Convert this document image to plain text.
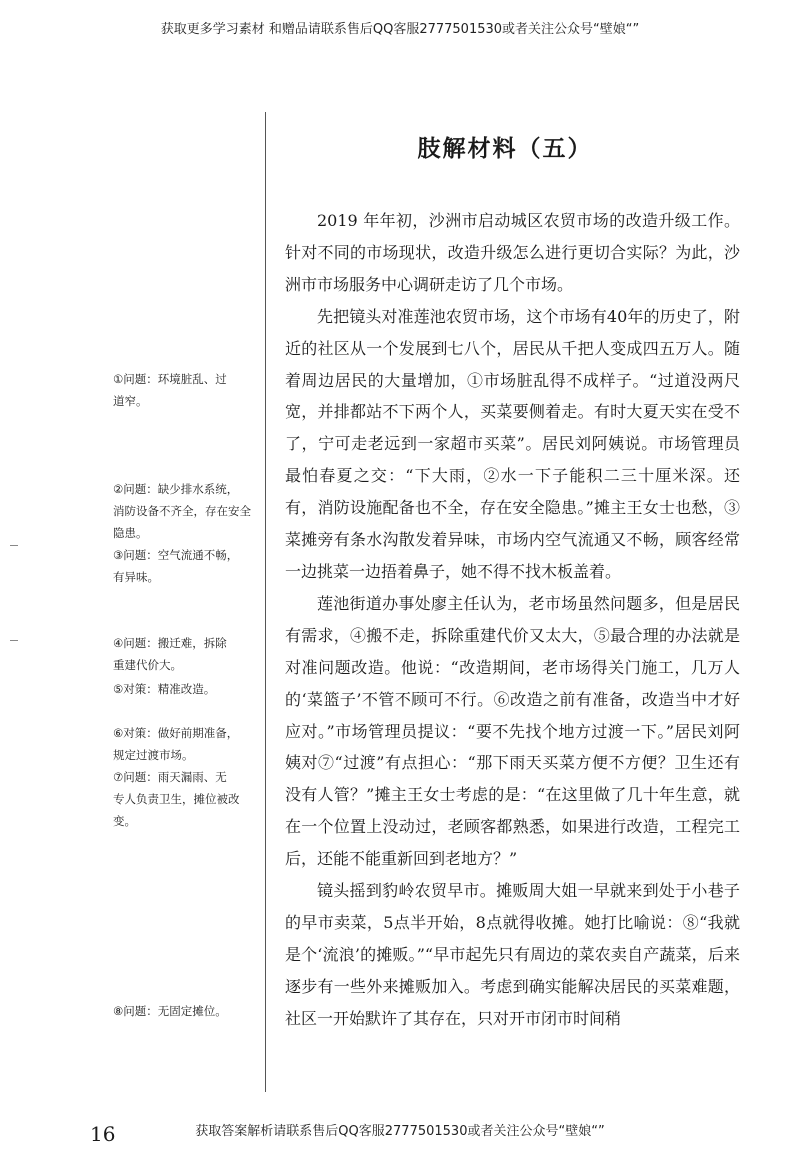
获取更多学习素材 和赠品请联系售后QQ客服2777501530或者关注公众号“壁娘“”
肢解材料（五）

2019 年年初，沙洲市启动城区农贸市场的改造升级工作。针对不同的市场现状，改造升级怎么进行更切合实际？为此，沙洲市市场服务中心调研走访了几个市场。

先把镜头对准莲池农贸市场，这个市场有40年的历史了，附近的社区从一个发展到七八个，居民从千把人变成四五万人。随着周边居民的大量增加，①市场脏乱得不成样子。“过道没两尺宽，并排都站不下两个人，买菜要侧着走。有时大夏天实在受不了，宁可走老远到一家超市买菜”。居民刘阿姨说。市场管理员最怕春夏之交：“下大雨，②水一下子能积二三十厘米深。还有，消防设施配备也不全，存在安全隐患。”摊主王女士也愁，③菜摊旁有条水沟散发着异味，市场内空气流通又不畅，顾客经常一边挑菜一边捂着鼻子，她不得不找木板盖着。

莲池街道办事处廖主任认为，老市场虽然问题多，但是居民有需求，④搬不走，拆除重建代价又太大，⑤最合理的办法就是对准问题改造。他说：“改造期间，老市场得关门施工，几万人的‘菜篮子’不管不顾可不行。⑥改造之前有准备，改造当中才好应对。”市场管理员提议：“要不先找个地方过渡一下。”居民刘阿姨对⑦“过渡”有点担心：“那下雨天买菜方便不方便？卫生还有没有人管？”摊主王女士考虑的是：“在这里做了几十年生意，就在一个位置上没动过，老顾客都熟悉，如果进行改造，工程完工后，还能不能重新回到老地方？”

镜头摇到豹岭农贸早市。摊贩周大姐一早就来到处于小巷子的早市卖菜，5点半开始，8点就得收摊。她打比喻说：⑧“我就是个‘流浪’的摊贩。”“早市起先只有周边的菜农卖自产蔬菜，后来逐步有一些外来摊贩加入。考虑到确实能解决居民的买菜难题，社区一开始默许了其存在，只对开市闭市时间稍

①问题：环境脏乱、过

道窄。

②问题：缺少排水系统，

消防设备不齐全，存在安全

隐患。

③问题：空气流通不畅，

有异味。

④问题：搬迁难，拆除

重建代价大。

⑤对策：精准改造。

⑥对策：做好前期准备，

规定过渡市场。

⑦问题：雨天漏雨、无

专人负责卫生，摊位被改变。

⑧问题：无固定摊位。

16	获取答案解析请联系售后QQ客服2777501530或者关注公众号“壁娘“”
